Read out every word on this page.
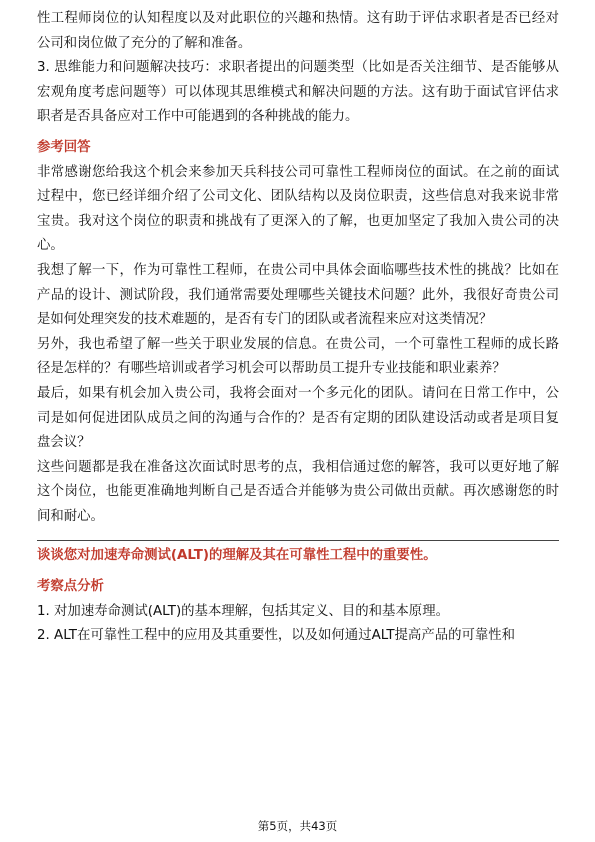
性工程师岗位的认知程度以及对此职位的兴趣和热情。这有助于评估求职者是否已经对公司和岗位做了充分的了解和准备。

3. 思维能力和问题解决技巧：求职者提出的问题类型（比如是否关注细节、是否能够从宏观角度考虑问题等）可以体现其思维模式和解决问题的方法。这有助于面试官评估求职者是否具备应对工作中可能遇到的各种挑战的能力。

参考回答

非常感谢您给我这个机会来参加天兵科技公司可靠性工程师岗位的面试。在之前的面试过程中，您已经详细介绍了公司文化、团队结构以及岗位职责，这些信息对我来说非常宝贵。我对这个岗位的职责和挑战有了更深入的了解，也更加坚定了我加入贵公司的决心。

我想了解一下，作为可靠性工程师，在贵公司中具体会面临哪些技术性的挑战？比如在产品的设计、测试阶段，我们通常需要处理哪些关键技术问题？此外，我很好奇贵公司是如何处理突发的技术难题的，是否有专门的团队或者流程来应对这类情况？

另外，我也希望了解一些关于职业发展的信息。在贵公司，一个可靠性工程师的成长路径是怎样的？有哪些培训或者学习机会可以帮助员工提升专业技能和职业素养？

最后，如果有机会加入贵公司，我将会面对一个多元化的团队。请问在日常工作中，公司是如何促进团队成员之间的沟通与合作的？是否有定期的团队建设活动或者是项目复盘会议？

这些问题都是我在准备这次面试时思考的点，我相信通过您的解答，我可以更好地了解这个岗位，也能更准确地判断自己是否适合并能够为贵公司做出贡献。再次感谢您的时间和耐心。

谈谈您对加速寿命测试(ALT)的理解及其在可靠性工程中的重要性。

考察点分析

1. 对加速寿命测试(ALT)的基本理解，包括其定义、目的和基本原理。

2. ALT在可靠性工程中的应用及其重要性，以及如何通过ALT提高产品的可靠性和

第5页，共43页
